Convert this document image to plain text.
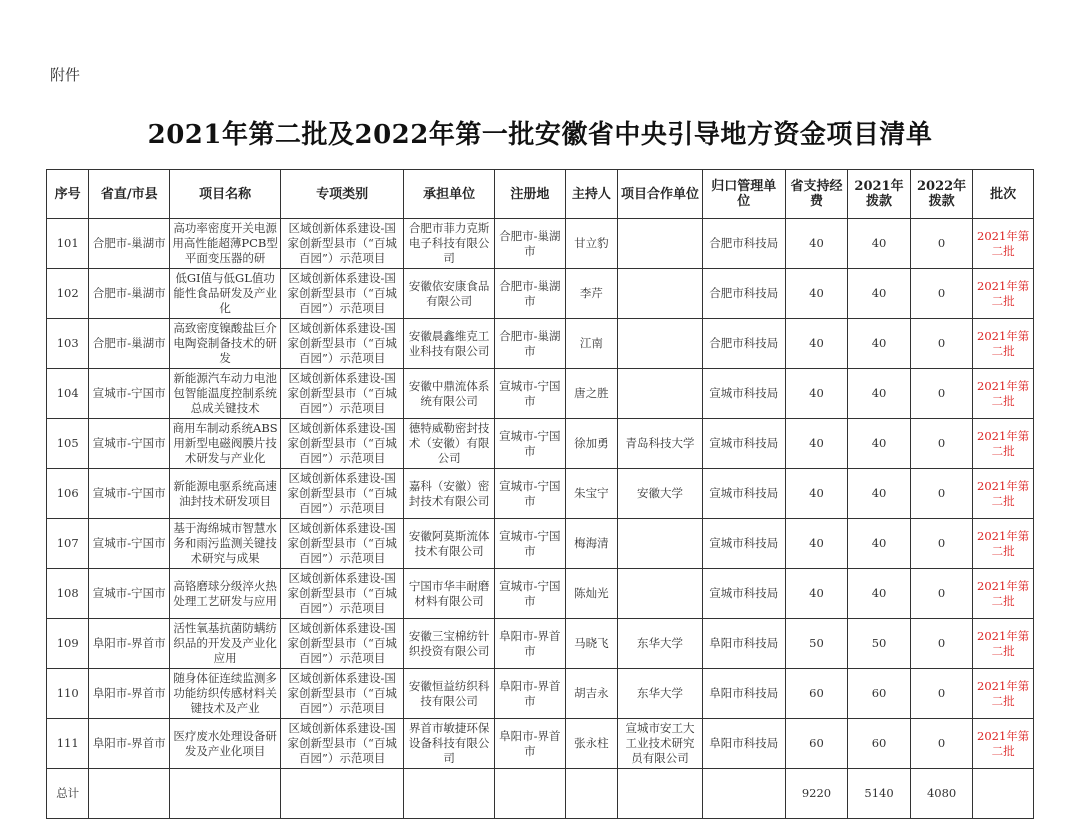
附件
2021年第二批及2022年第一批安徽省中央引导地方资金项目清单
序号	省直/市县	项目名称	专项类别	承担单位	注册地	主持人	项目合作单位	归口管理单位	省支持经费	2021年拨款	2022年拨款	批次
101	合肥市-巢湖市	高功率密度开关电源用高性能超薄PCB型平面变压器的研	区域创新体系建设-国家创新型县市（“百城百园”）示范项目	合肥市菲力克斯电子科技有限公司	合肥市-巢湖市	甘立豹		合肥市科技局	40	40	0	2021年第二批
102	合肥市-巢湖市	低GI值与低GL值功能性食品研发及产业化	区域创新体系建设-国家创新型县市（“百城百园”）示范项目	安徽依安康食品有限公司	合肥市-巢湖市	李芹		合肥市科技局	40	40	0	2021年第二批
103	合肥市-巢湖市	高致密度镍酸盐巨介电陶瓷制备技术的研发	区域创新体系建设-国家创新型县市（“百城百园”）示范项目	安徽晨鑫维克工业科技有限公司	合肥市-巢湖市	江南		合肥市科技局	40	40	0	2021年第二批
104	宣城市-宁国市	新能源汽车动力电池包智能温度控制系统总成关键技术	区域创新体系建设-国家创新型县市（“百城百园”）示范项目	安徽中鼎流体系统有限公司	宣城市-宁国市	唐之胜		宣城市科技局	40	40	0	2021年第二批
105	宣城市-宁国市	商用车制动系统ABS用新型电磁阀膜片技术研发与产业化	区域创新体系建设-国家创新型县市（“百城百园”）示范项目	德特威勒密封技术（安徽）有限公司	宣城市-宁国市	徐加勇	青岛科技大学	宣城市科技局	40	40	0	2021年第二批
106	宣城市-宁国市	新能源电驱系统高速油封技术研发项目	区域创新体系建设-国家创新型县市（“百城百园”）示范项目	嘉科（安徽）密封技术有限公司	宣城市-宁国市	朱宝宁	安徽大学	宣城市科技局	40	40	0	2021年第二批
107	宣城市-宁国市	基于海绵城市智慧水务和雨污监测关键技术研究与成果	区域创新体系建设-国家创新型县市（“百城百园”）示范项目	安徽阿莫斯流体技术有限公司	宣城市-宁国市	梅海清		宣城市科技局	40	40	0	2021年第二批
108	宣城市-宁国市	高铬磨球分级淬火热处理工艺研发与应用	区域创新体系建设-国家创新型县市（“百城百园”）示范项目	宁国市华丰耐磨材料有限公司	宣城市-宁国市	陈灿光		宣城市科技局	40	40	0	2021年第二批
109	阜阳市-界首市	活性氧基抗菌防螨纺织品的开发及产业化应用	区域创新体系建设-国家创新型县市（“百城百园”）示范项目	安徽三宝棉纺针织投资有限公司	阜阳市-界首市	马晓飞	东华大学	阜阳市科技局	50	50	0	2021年第二批
110	阜阳市-界首市	随身体征连续监测多功能纺织传感材料关键技术及产业	区域创新体系建设-国家创新型县市（“百城百园”）示范项目	安徽恒益纺织科技有限公司	阜阳市-界首市	胡吉永	东华大学	阜阳市科技局	60	60	0	2021年第二批
111	阜阳市-界首市	医疗废水处理设备研发及产业化项目	区域创新体系建设-国家创新型县市（“百城百园”）示范项目	界首市敏捷环保设备科技有限公司	阜阳市-界首市	张永柱	宣城市安工大工业技术研究员有限公司	阜阳市科技局	60	60	0	2021年第二批
总计									9220	5140	4080	
